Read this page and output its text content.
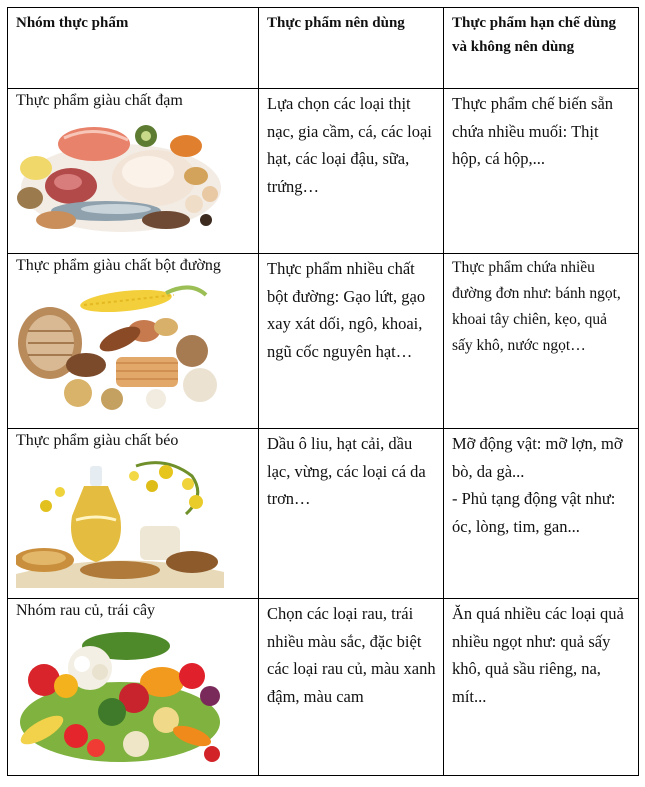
Nhóm thực phẩm	Thực phẩm nên dùng	Thực phẩm hạn chế dùng và không nên dùng

Thực phẩm giàu chất đạm	Lựa chọn các loại thịt nạc, gia cầm, cá, các loại hạt, các loại đậu, sữa, trứng…	Thực phẩm chế biến sẵn chứa nhiều muối: Thịt hộp, cá hộp,...

Thực phẩm giàu chất bột đường	Thực phẩm nhiều chất bột đường: Gạo lứt, gạo xay xát dối, ngô, khoai, ngũ cốc nguyên hạt…	Thực phẩm chứa nhiều đường đơn như: bánh ngọt, khoai tây chiên, kẹo, quả sấy khô, nước ngọt…

Thực phẩm giàu chất béo	Dầu ô liu, hạt cải, dầu lạc, vừng, các loại cá da trơn…	Mỡ động vật: mỡ lợn, mỡ bò, da gà...
- Phủ tạng động vật như: óc, lòng, tim, gan...

Nhóm rau củ, trái cây	Chọn các loại rau, trái nhiều màu sắc, đặc biệt các loại rau củ, màu xanh đậm, màu cam	Ăn quá nhiều các loại quả nhiều ngọt như: quả sấy khô, quả sầu riêng, na, mít...
